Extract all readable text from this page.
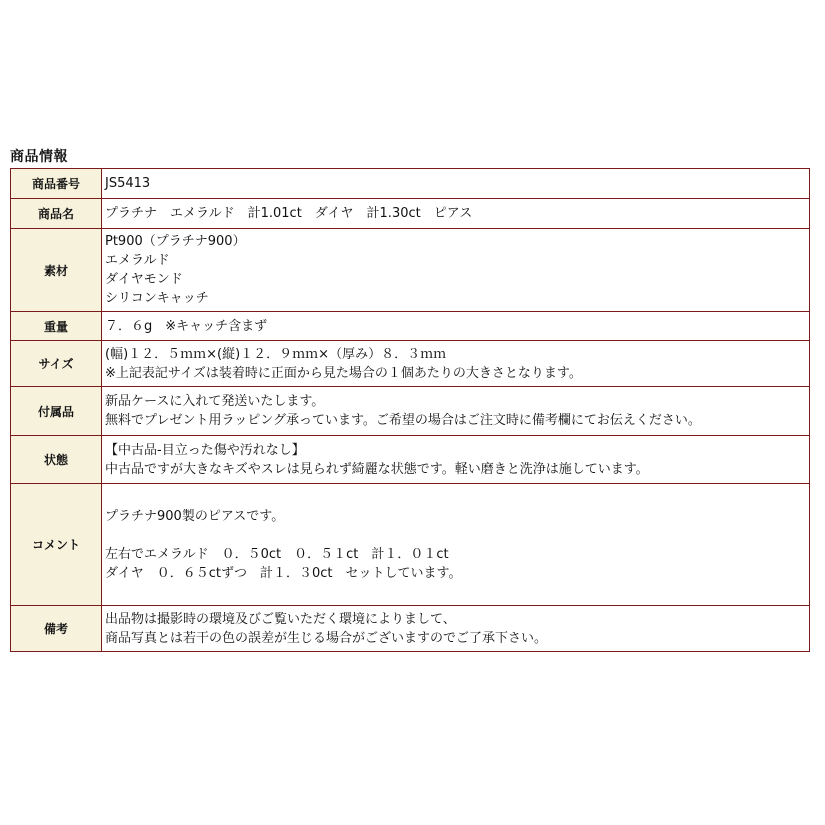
商品情報
商品番号	JS5413

商品名	プラチナ　エメラルド　計1.01ct　ダイヤ　計1.30ct　ピアス

素材	Pt900（プラチナ900）
エメラルド
ダイヤモンド
シリコンキャッチ

重量	７．６g　※キャッチ含まず

サイズ	(幅)１２．５ｍｍ×(縦)１２．９ｍｍ×（厚み）８．３ｍｍ
※上記表記サイズは装着時に正面から見た場合の１個あたりの大きさとなります。

付属品	新品ケースに入れて発送いたします。
無料でプレゼント用ラッピング承っています。ご希望の場合はご注文時に備考欄にてお伝えください。

状態	【中古品-目立った傷や汚れなし】
中古品ですが大きなキズやスレは見られず綺麗な状態です。軽い磨きと洗浄は施しています。

コメント	プラチナ900製のピアスです。
左右でエメラルド　０．５0ct　０．５１ct　計１．０１ct
ダイヤ　０．６５ctずつ　計１．３0ct　セットしています。

備考	出品物は撮影時の環境及びご覧いただく環境によりまして、
商品写真とは若干の色の誤差が生じる場合がございますのでご了承下さい。
